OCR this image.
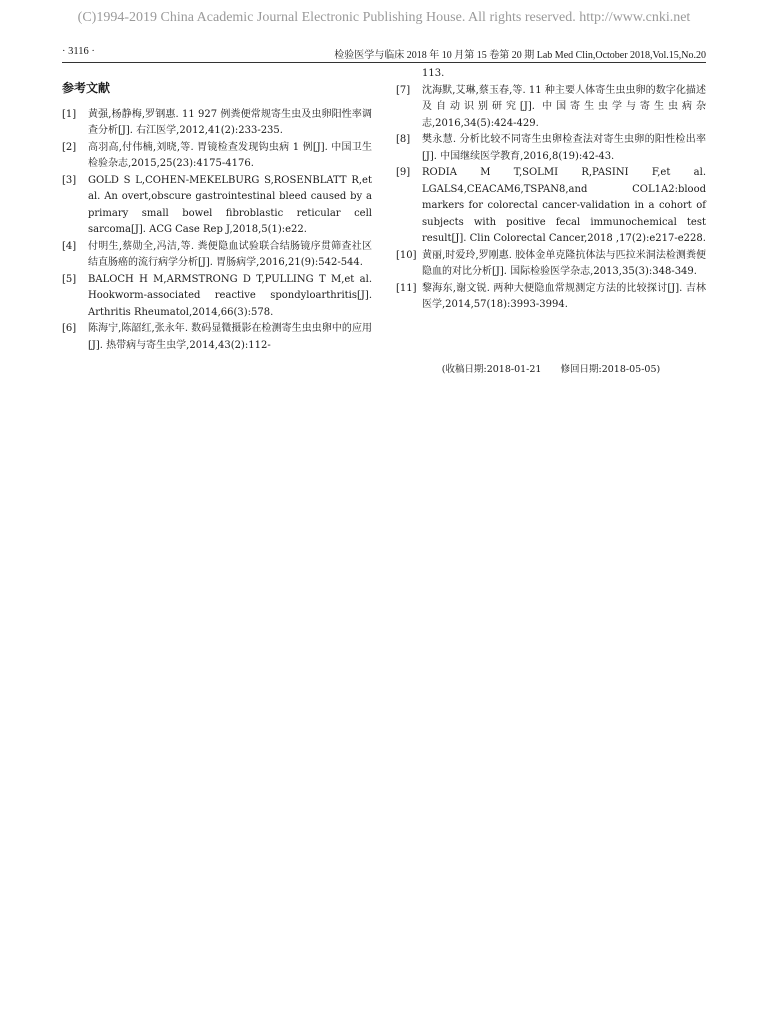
(C)1994-2019 China Academic Journal Electronic Publishing House. All rights reserved. http://www.cnki.net
· 3116 ·	检验医学与临床 2018 年 10 月第 15 卷第 20 期 Lab Med Clin,October 2018,Vol.15,No.20
参考文献
[1]	黄强,杨静梅,罗钢惠. 11 927 例粪便常规寄生虫及虫卵阳性率调查分析[J]. 右江医学,2012,41(2):233-235.
[2]	高羽高,付伟楠,刘晓,等. 胃镜检查发现钩虫病 1 例[J]. 中国卫生检验杂志,2015,25(23):4175-4176.
[3]	GOLD S L,COHEN-MEKELBURG S,ROSENBLATT R,et al. An overt,obscure gastrointestinal bleed caused by a primary small bowel fibroblastic reticular cell sarcoma[J]. ACG Case Rep J,2018,5(1):e22.
[4]	付明生,蔡勋全,冯洁,等. 粪便隐血试验联合结肠镜序贯筛查社区结直肠癌的流行病学分析[J]. 胃肠病学,2016,21(9):542-544.
[5]	BALOCH H M,ARMSTRONG D T,PULLING T M,et al. Hookworm-associated reactive spondyloarthritis[J]. Arthritis Rheumatol,2014,66(3):578.
[6]	陈海宁,陈韶红,张永年. 数码显微摄影在检测寄生虫虫卵中的应用[J]. 热带病与寄生虫学,2014,43(2):112-
113.
[7]	沈海默,艾琳,蔡玉春,等. 11 种主要人体寄生虫虫卵的数字化描述及自动识别研究[J]. 中国寄生虫学与寄生虫病杂志,2016,34(5):424-429.
[8]	樊永慧. 分析比较不同寄生虫卵检查法对寄生虫卵的阳性检出率[J]. 中国继续医学教育,2016,8(19):42-43.
[9]	RODIA M T,SOLMI R,PASINI F,et al. LGALS4,CEACAM6,TSPAN8,and COL1A2:blood markers for colorectal cancer-validation in a cohort of subjects with positive fecal immunochemical test result[J]. Clin Colorectal Cancer,2018 ,17(2):e217-e228.
[10] 黄丽,时爱玲,罗刚惠. 胶体金单克隆抗体法与匹拉米洞法检测粪便隐血的对比分析[J]. 国际检验医学杂志,2013,35(3):348-349.
[11] 黎海东,谢文锐. 两种大便隐血常规测定方法的比较探讨[J]. 吉林医学,2014,57(18):3993-3994.
(收稿日期:2018-01-21 修回日期:2018-05-05)
